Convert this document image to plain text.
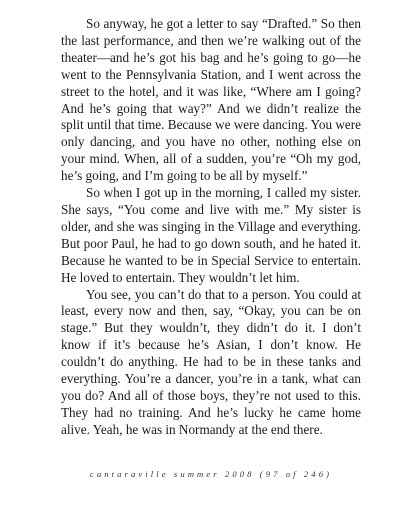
So anyway, he got a letter to say “Drafted.” So then the last performance, and then we’re walking out of the theater—and he’s got his bag and he’s going to go—he went to the Pennsylvania Station, and I went across the street to the hotel, and it was like, “Where am I going? And he’s going that way?” And we didn’t realize the split until that time. Because we were dancing. You were only dancing, and you have no other, nothing else on your mind. When, all of a sudden, you’re “Oh my god, he’s going, and I’m going to be all by myself.”

So when I got up in the morning, I called my sister. She says, “You come and live with me.” My sister is older, and she was singing in the Village and everything. But poor Paul, he had to go down south, and he hated it. Because he wanted to be in Special Service to entertain. He loved to entertain. They wouldn’t let him.

You see, you can’t do that to a person. You could at least, every now and then, say, “Okay, you can be on stage.” But they wouldn’t, they didn’t do it. I don’t know if it’s because he’s Asian, I don’t know. He couldn’t do anything. He had to be in these tanks and everything. You’re a dancer, you’re in a tank, what can you do? And all of those boys, they’re not used to this. They had no training. And he’s lucky he came home alive. Yeah, he was in Normandy at the end there.

cantaraville summer 2008 (97 of 246)
